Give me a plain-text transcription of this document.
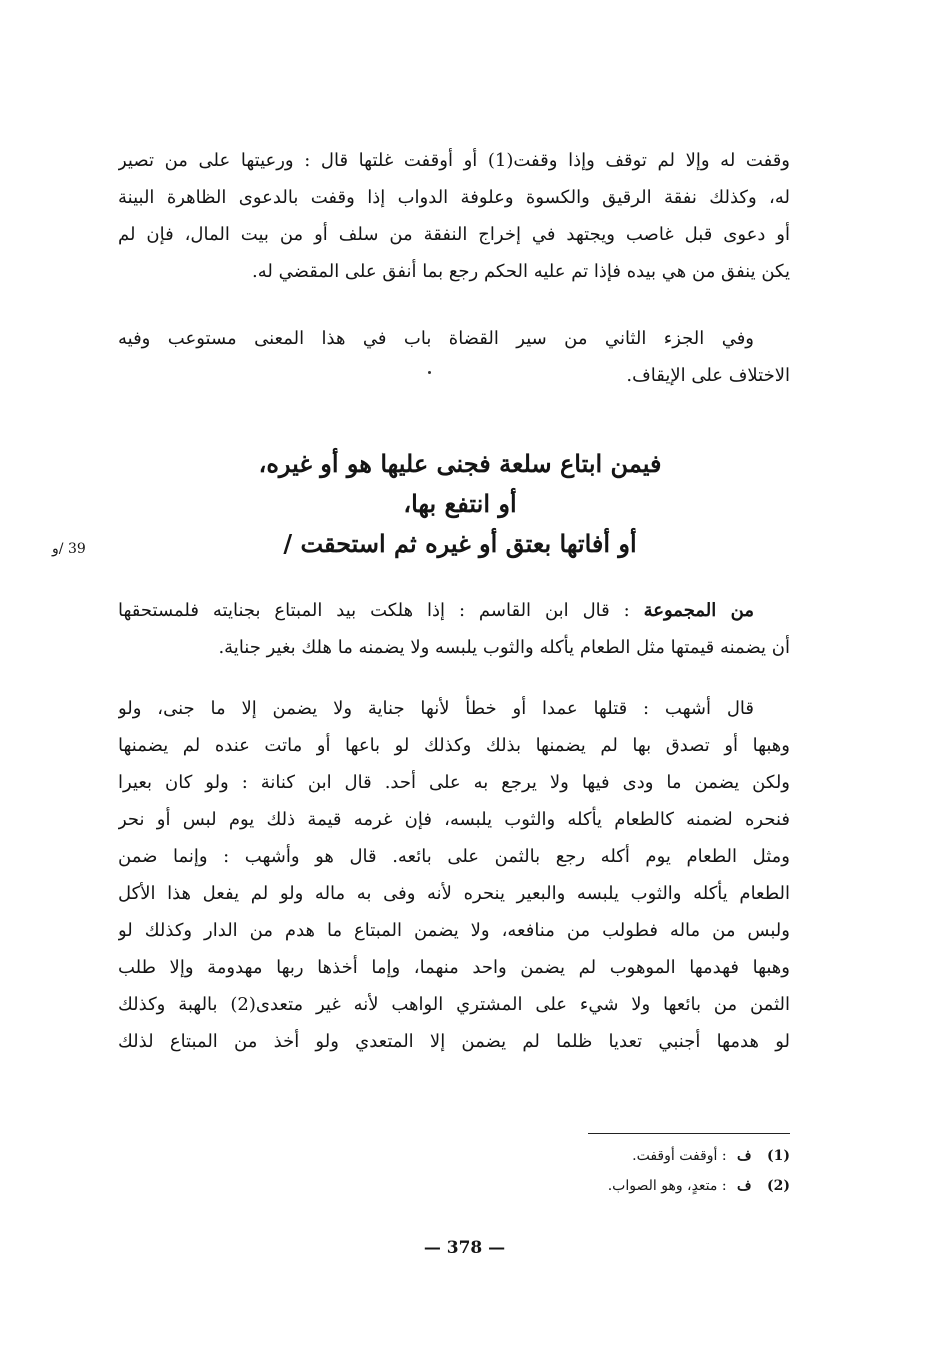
وقفت له وإلا لم توقف وإذا وقفت(1) أو أوقفت غلتها قال : ورعيتها على من تصير
له، وكذلك نفقة الرقيق والكسوة وعلوفة الدواب إذا وقفت بالدعوى الظاهرة البينة
أو دعوى قبل غاصب ويجتهد في إخراج النفقة من سلف أو من بيت المال، فإن لم
يكن ينفق من هي بيده فإذا تم عليه الحكم رجع بما أنفق على المقضي له.
وفي الجزء الثاني من سير القضاة باب في هذا المعنى مستوعب وفيه
الاختلاف على الإيقاف.
فيمن ابتاع سلعة فجنى عليها هو أو غيره،
أو انتفع بها،
أو أفاتها بعتق أو غيره ثم استحقت /
39 /و
من المجموعة : قال ابن القاسم : إذا هلكت بيد المبتاع بجنايته فلمستحقها
أن يضمنه قيمتها مثل الطعام يأكله والثوب يلبسه ولا يضمنه ما هلك بغير جناية.
قال أشهب : قتلها عمدا أو خطأ لأنها جناية ولا يضمن إلا ما جنى، ولو
وهبها أو تصدق بها لم يضمنها بذلك وكذلك لو باعها أو ماتت عنده لم يضمنها
ولكن يضمن ما ودى فيها ولا يرجع به على أحد. قال ابن كنانة : ولو كان بعيرا
فنحره لضمنه كالطعام يأكله والثوب يلبسه، فإن غرمه قيمة ذلك يوم لبس أو نحر
ومثل الطعام يوم أكله رجع بالثمن على بائعه. قال هو وأشهب : وإنما ضمن
الطعام يأكله والثوب يلبسه والبعير ينحره لأنه وفى به ماله ولو لم يفعل هذا الأكل
ولبس من ماله فطولب من منافعه، ولا يضمن المبتاع ما هدم من الدار وكذلك لو
وهبها فهدمها الموهوب لم يضمن واحد منهما، وإما أخذها ربها مهدومة وإلا طلب
الثمن من بائعها ولا شيء على المشتري الواهب لأنه غير متعدى(2) بالهبة وكذلك
لو هدمها أجنبي تعديا ظلما لم يضمن إلا المتعدي ولو أخذ من المبتاع لذلك
(1) ف : أوقفت أوقفت.
(2) ف : متعدٍ، وهو الصواب.
— 378 —
